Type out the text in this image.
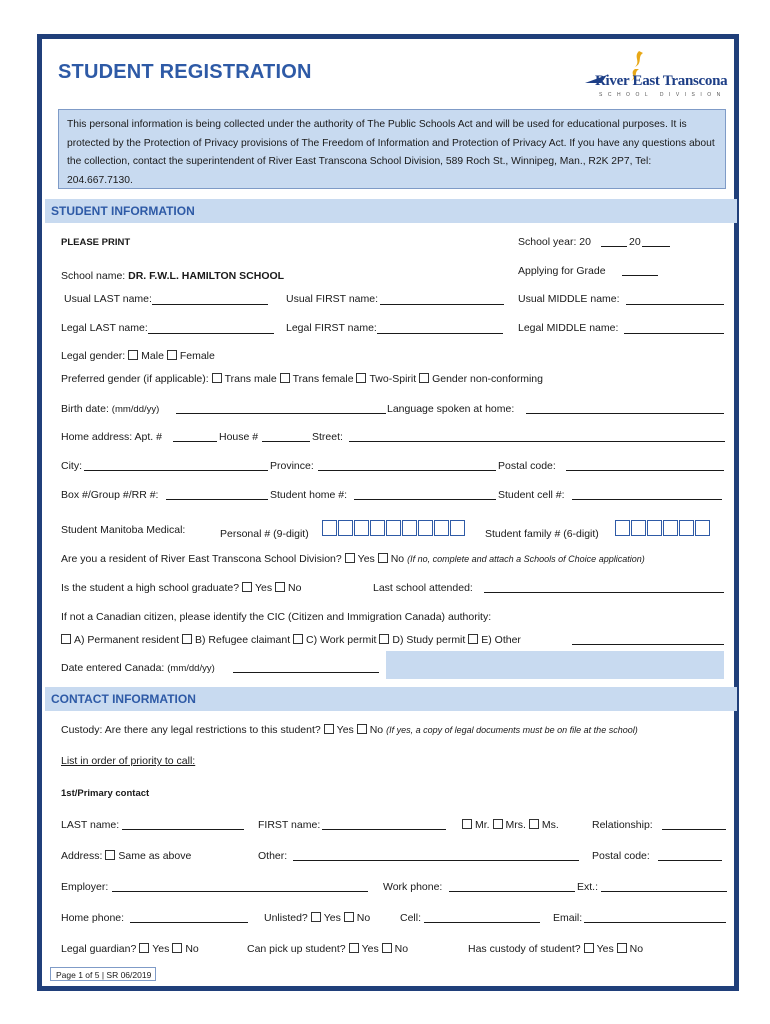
STUDENT REGISTRATION	River East Transcona
SCHOOL DIVISION
This personal information is being collected under the authority of The Public Schools Act and will be used for educational purposes. It is protected by the Protection of Privacy provisions of The Freedom of Information and Protection of Privacy Act. If you have any questions about the collection, contact the superintendent of River East Transcona School Division, 589 Roch St., Winnipeg, Man., R2K 2P7, Tel: 204.667.7130.
STUDENT INFORMATION
PLEASE PRINT	School year: 20	20
Applying for Grade
School name: DR. F.W.L. HAMILTON SCHOOL
Usual LAST name:	Usual FIRST name:	Usual MIDDLE name:
Legal LAST name:	Legal FIRST name:	Legal MIDDLE name:
Legal gender: Male Female
Preferred gender (if applicable): Trans male Trans female Two-Spirit Gender non-conforming
Birth date: (mm/dd/yy)	Language spoken at home:
Home address: Apt. #	House #	Street:
City:	Province:	Postal code:
Box #/Group #/RR #:	Student home #:	Student cell #:
Student Manitoba Medical:	Personal # (9-digit)	Student family # (6-digit)
Are you a resident of River East Transcona School Division? Yes No (If no, complete and attach a Schools of Choice application)
Is the student a high school graduate? Yes No	Last school attended:
If not a Canadian citizen, please identify the CIC (Citizen and Immigration Canada) authority:
A) Permanent resident B) Refugee claimant C) Work permit D) Study permit E) Other
Date entered Canada: (mm/dd/yy)
CONTACT INFORMATION
Custody: Are there any legal restrictions to this student? Yes No (If yes, a copy of legal documents must be on file at the school)
List in order of priority to call:
1st/Primary contact
LAST name:	FIRST name:	Mr. Mrs. Ms.	Relationship:
Address: Same as above	Other:	Postal code:
Employer:	Work phone:	Ext.:
Home phone:	Unlisted? Yes No	Cell:	Email:
Legal guardian? Yes No	Can pick up student? Yes No	Has custody of student? Yes No
Page 1 of 5 | SR 06/2019
